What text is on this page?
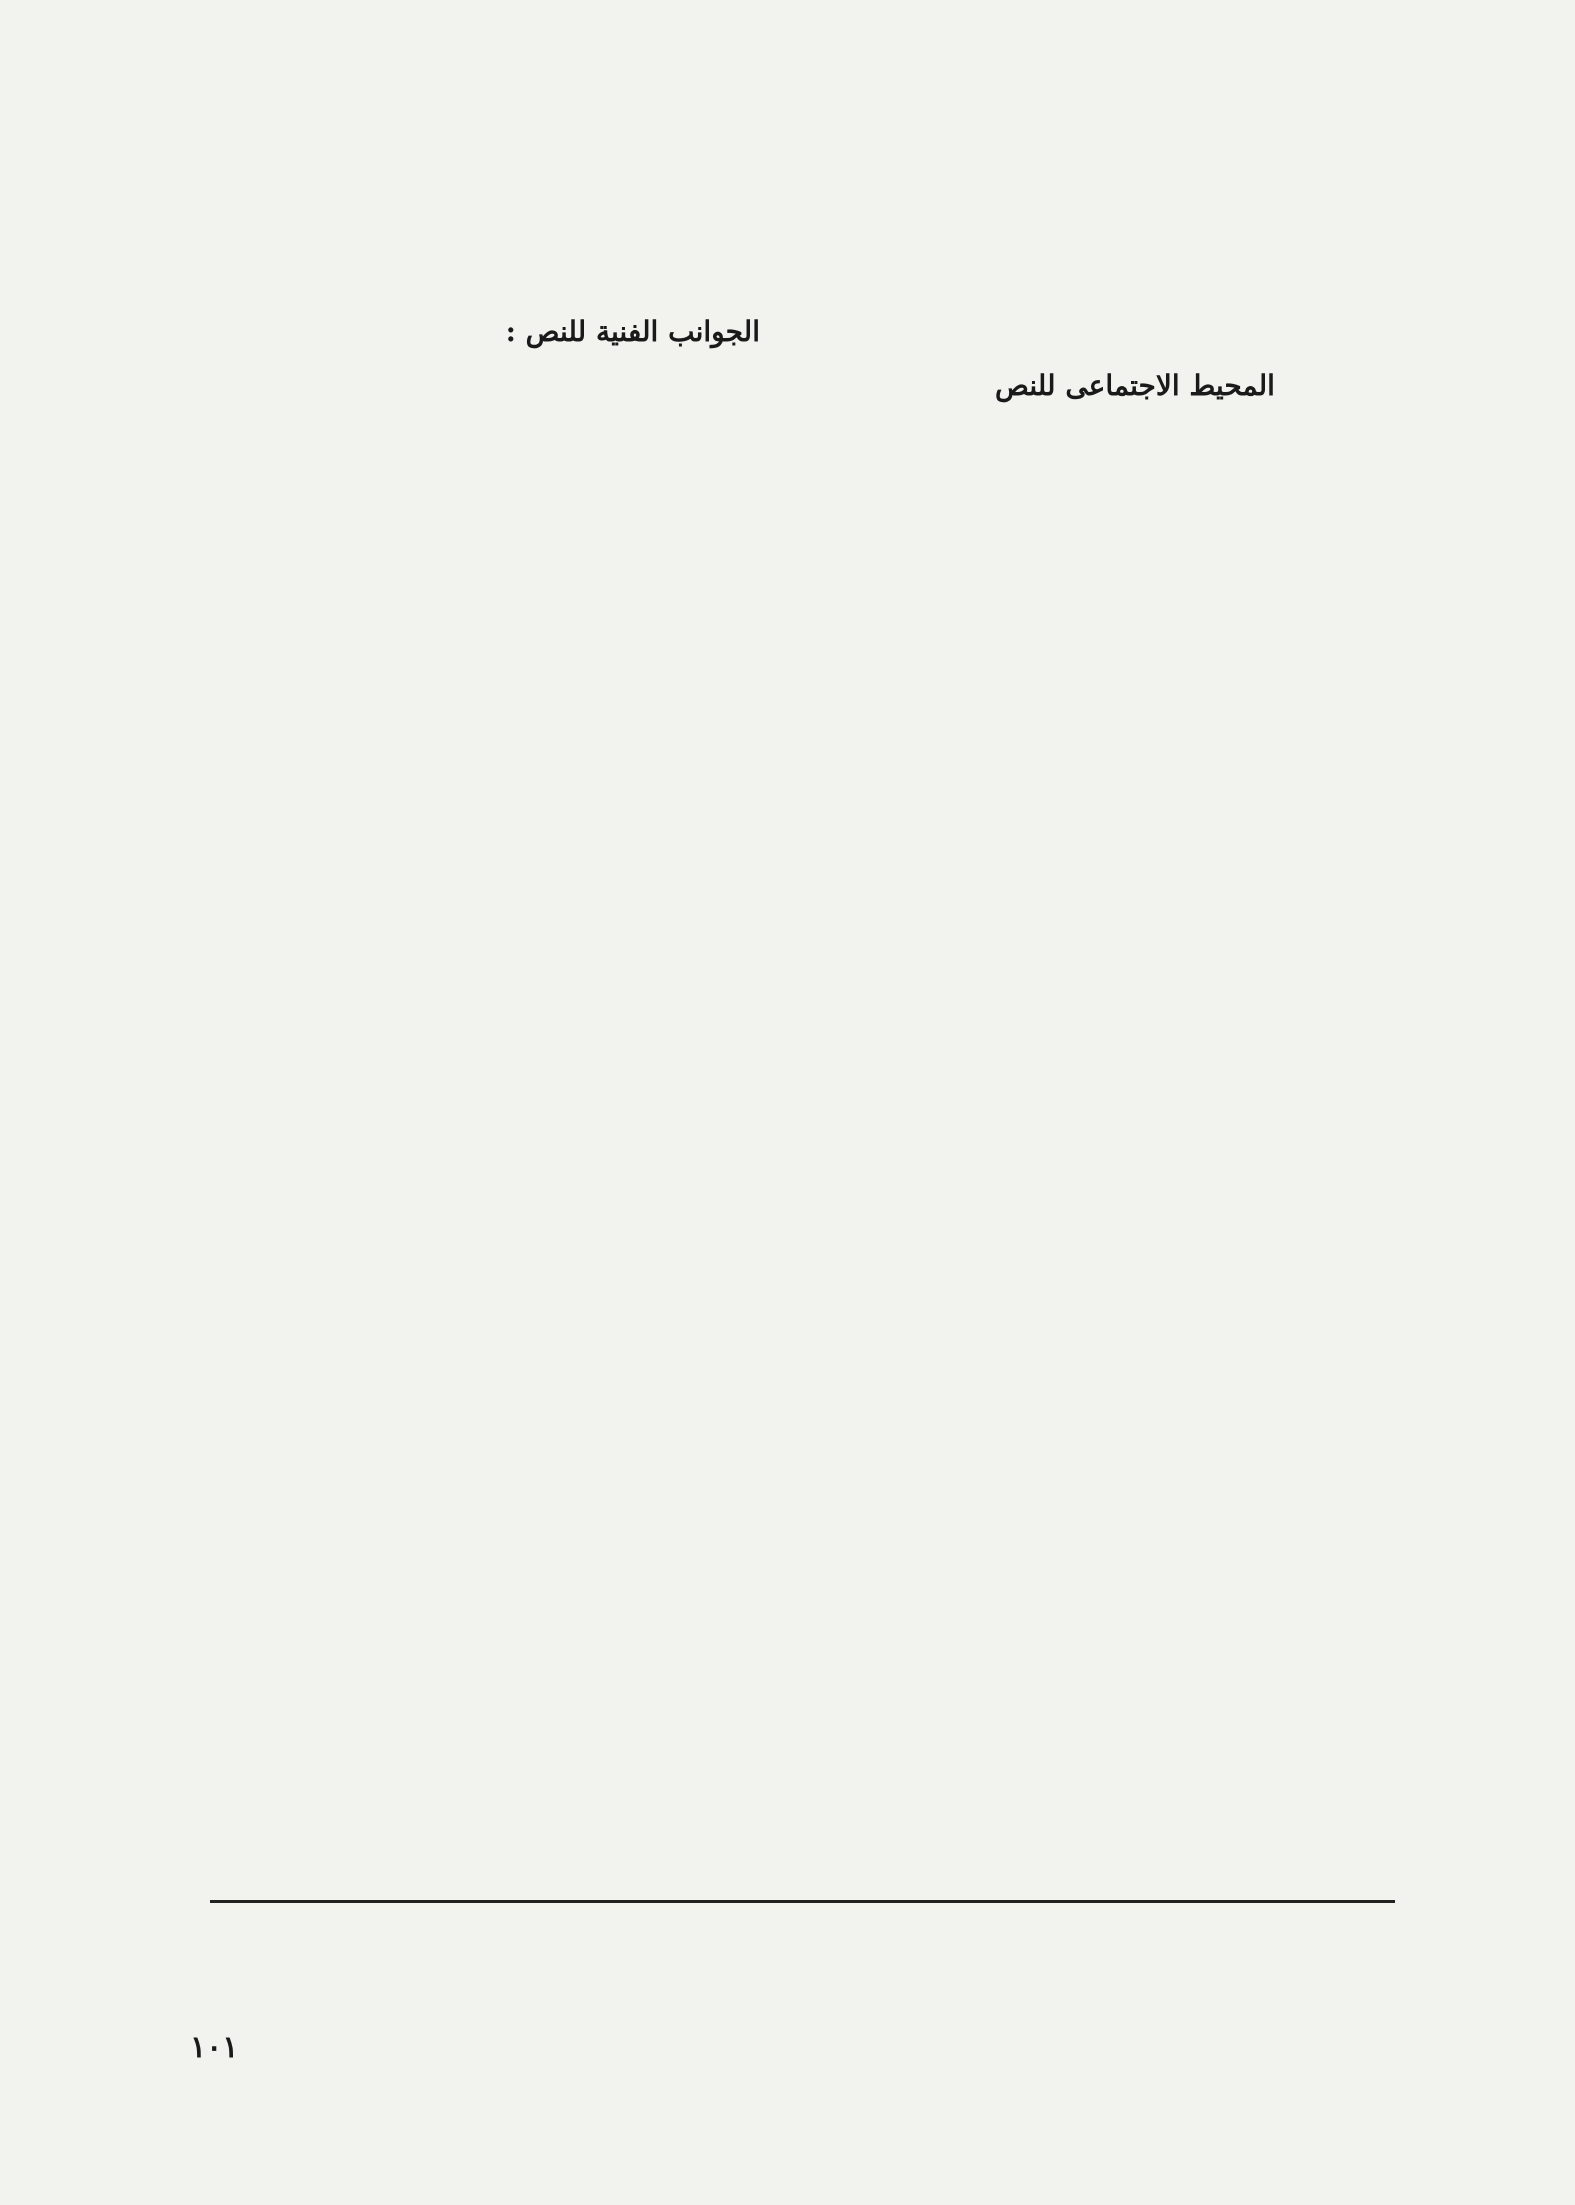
المحيط الاجتماعى للنص
الجوانب الفنية للنص :
١٠١
